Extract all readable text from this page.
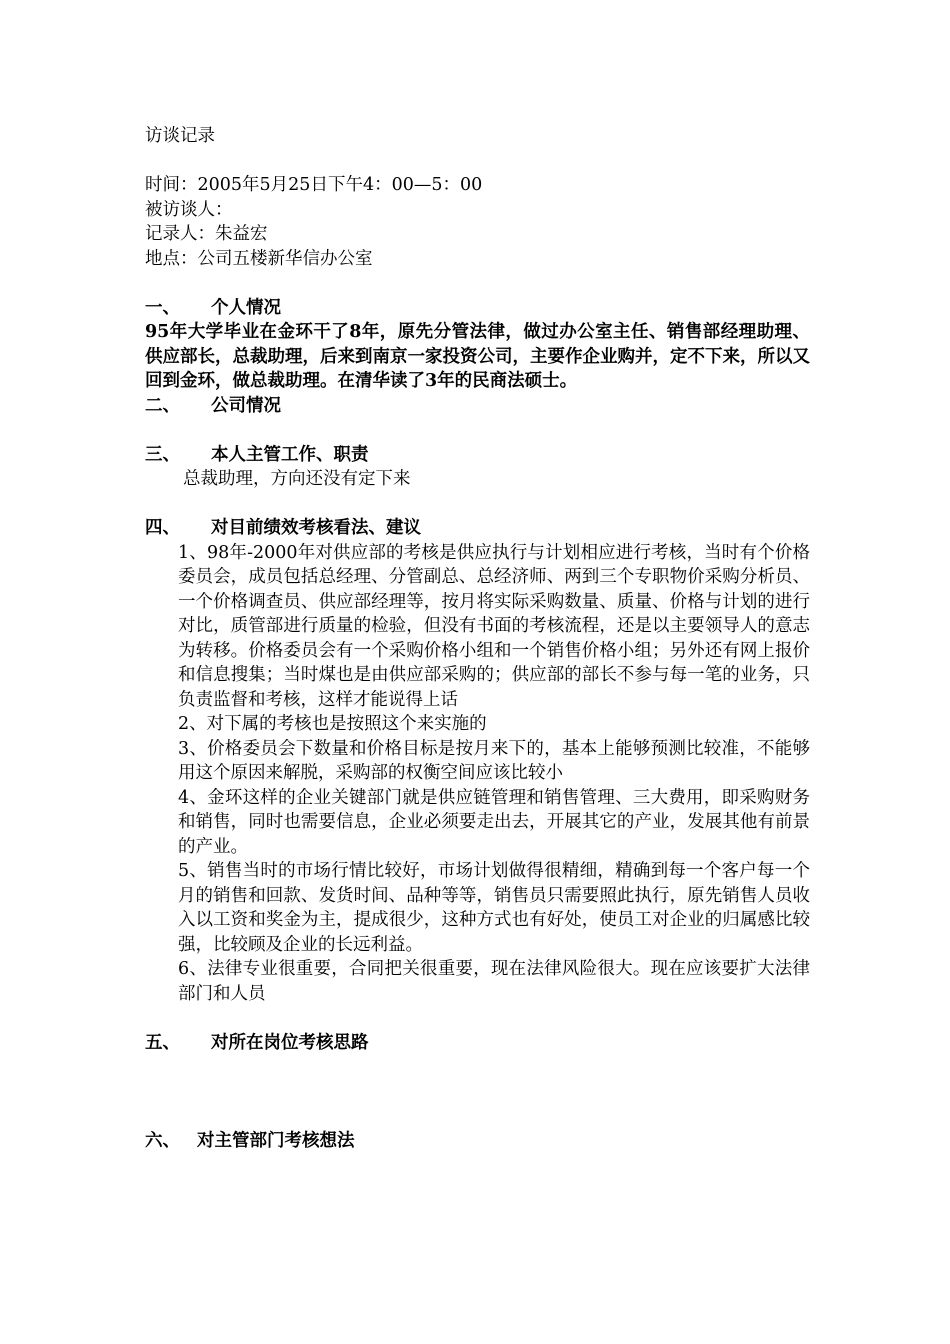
访谈记录
时间：2005年5月25日下午4：00—5：00
被访谈人：
记录人：朱益宏
地点：公司五楼新华信办公室
一、	个人情况
95年大学毕业在金环干了8年，原先分管法律，做过办公室主任、销售部经理助理、供应部长，总裁助理，后来到南京一家投资公司，主要作企业购并，定不下来，所以又回到金环，做总裁助理。在清华读了3年的民商法硕士。
二、	公司情况
三、	本人主管工作、职责
总裁助理，方向还没有定下来
四、	对目前绩效考核看法、建议
1、98年-2000年对供应部的考核是供应执行与计划相应进行考核，当时有个价格委员会，成员包括总经理、分管副总、总经济师、两到三个专职物价采购分析员、一个价格调查员、供应部经理等，按月将实际采购数量、质量、价格与计划的进行对比，质管部进行质量的检验，但没有书面的考核流程，还是以主要领导人的意志为转移。价格委员会有一个采购价格小组和一个销售价格小组；另外还有网上报价和信息搜集；当时煤也是由供应部采购的；供应部的部长不参与每一笔的业务，只负责监督和考核，这样才能说得上话
2、对下属的考核也是按照这个来实施的
3、价格委员会下数量和价格目标是按月来下的，基本上能够预测比较准，不能够用这个原因来解脱，采购部的权衡空间应该比较小
4、金环这样的企业关键部门就是供应链管理和销售管理、三大费用，即采购财务和销售，同时也需要信息，企业必须要走出去，开展其它的产业，发展其他有前景的产业。
5、销售当时的市场行情比较好，市场计划做得很精细，精确到每一个客户每一个月的销售和回款、发货时间、品种等等，销售员只需要照此执行，原先销售人员收入以工资和奖金为主，提成很少，这种方式也有好处，使员工对企业的归属感比较强，比较顾及企业的长远利益。
6、法律专业很重要，合同把关很重要，现在法律风险很大。现在应该要扩大法律部门和人员
五、	对所在岗位考核思路
六、 对主管部门考核想法
